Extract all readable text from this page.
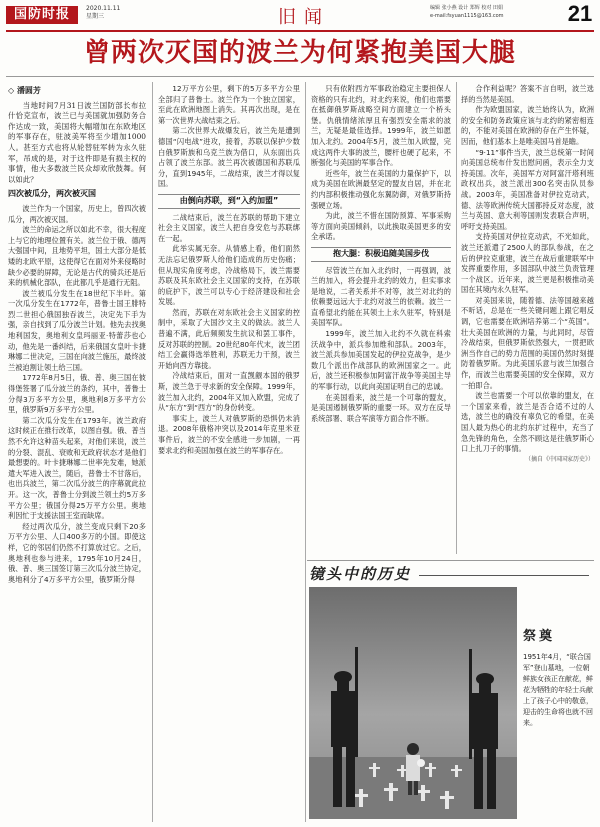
国防时报	2020.11.11
星期三	旧闻	编辑 张小燕 设计 郑辉 校对 田娟
e-mail:fsyuan1115@163.com	21
曾两次灭国的波兰为何紧抱美国大腿

◇ 潘圆芳

当地时间7月31日波兰国防部长布拉什恰克宣布，波兰已与美国就加强防务合作达成一致，美国将大幅增加在东欧地区的军事存在，驻波美军将至少增加1000人。甚至方式也将从轮替驻军转为永久驻军，吊成的是，对于这件即是有损主权的事情，他大多数波兰民众却欢欣鼓舞。何以如此？

四次被瓜分，两次被灭国

波兰作为一个国家，历史上，曾四次被瓜分，两次被灭国。

波兰的命运之所以如此不幸，很大程度上与它的地理位置有关。波兰位于俄、德两大强国中间，且地势平坦，国土大部分是低矮的北欧平原，这使得它在面对外来侵略时缺少必要的屏障，无论是古代的骑兵还是后来的机械化部队，在此都几乎是通行无阻。

波兰被瓜分发生在18世纪下半叶。第一次瓜分发生在1772年，普鲁士国王腓特烈二世担心俄国独吞波兰，决定先下手为强，亲自找到了瓜分波兰计划。他先去找奥地利国发，奥地利女皇玛丽亚·特蕾莎也心动，他先是一番纠结，后来俄国女皇叶卡捷琳娜二世决定，三国在向波兰施压，最终波兰被迫割让领土给三国。

1772年8月5日，俄、普、奥三国在彼得堡签署了瓜分波兰的条约，其中，普鲁士分得3万多平方公里，奥地利8万多平方公里，俄罗斯9万多平方公里。

第二次瓜分发生在1793年。波兰政府这时候正在推行改革，以图自强。俄、普当然不允许这种苗头起来，对他们来说，波兰的分裂、混乱、衰败和无政府状态才是他们最想要的。叶卡捷琳娜二世率先发难，她派遣大军进入波兰，随后，普鲁士不甘落后，也出兵波兰，第二次瓜分波兰的序幕就此拉开。这一次，普鲁士分到波兰领土约5万多平方公里；俄国分得25万平方公里。奥地利因忙于支援法国王室而缺席。

经过两次瓜分，波兰变成只剩下20多万平方公里、人口400多万的小国。即使这样，它的邻居们仍然不打算放过它。之后，奥地利也参与进来，1795年10月24日，俄、普、奥三国签订第三次瓜分波兰协定，奥地利分了4万多平方公里，俄罗斯分得

12万平方公里，剩下的5万多平方公里全部归了普鲁士。波兰作为一个独立国家，至此在欧洲地图上消失。其再次出现，是在第一次世界大战结束之后。

第二次世界大战爆发后，波兰先是遭到德国“闪电战”进攻，接着，苏联以保护少数白俄罗斯族和乌克兰族为借口，从东面出兵占领了波兰东部。波兰再次被德国和苏联瓜分，直到1945年，二战结束，波兰才得以复国。

由倒向苏联，到“入约加盟”

二战结束后，波兰在苏联的帮助下建立社会主义国家，波兰人把自身安危与苏联绑在一起。

此举实属无奈。从情感上看，他们面然无法忘记俄罗斯人给他们造成的历史伤痛；但从现实角度考虑，冷战格局下，波兰需要苏联及其东欧社会主义国家的支持，在苏联的庇护下，波兰可以专心于经济建设和社会发展。

然而，苏联在对东欧社会主义国家的控制中，采取了大国沙文主义的做法。波兰人普遍不满，此后频频发生抗议和罢工事件，反对苏联的控制。20世纪80年代末，波兰团结工会赢得选举胜利，苏联无力干预，波兰开始向西方靠拢。

冷战结束后，面对一直觊觎本国的俄罗斯，波兰急于寻求新的安全保障。1999年，波兰加入北约，2004年又加入欧盟，完成了从“东方”到“西方”的身份转变。

事实上，波兰人对俄罗斯的恐惧仍未消退。2008年俄格冲突以及2014年克里米亚事件后，波兰的不安全感进一步加剧，一再要求北约和美国加强在波兰的军事存在。

只有依附西方军事政治稳定主要担保人资格的只有北约，对北约来说，他们也需要在抵御俄罗斯战略空间方面建立一个桥头堡。仇俄情绪浓厚且有强烈安全需求的波兰，无疑是最佳选择。1999年，波兰如愿加入北约。2004年5月，波兰加入欧盟，完成这两件大事的波兰，腰杆也硬了起来，不断强化与美国的军事合作。

近些年，波兰在美国的力量保护下，以成为美国在欧洲最坚定的盟友自居，并在北约内部积极推动强化东翼防御，对俄罗斯持强硬立场。

为此，波兰不惜在国防预算、军事采购等方面向美国倾斜，以此换取美国更多的安全承诺。

抱大腿：积极追随美国步伐

尽管波兰在加入北约时，一再强调，波兰的加入，将会提升北约的效力，但实事求是地说，二者关系并不对等，波兰对北约的依赖要远远大于北约对波兰的依赖。波兰一直希望北约能在其领土上永久驻军，特别是美国军队。

1999年，波兰加入北约不久就在科索沃战争中，派兵参加维和部队。2003年，波兰派兵参加美国发起的伊拉克战争，是少数几个派出作战部队的欧洲国家之一。此后，波兰还积极参加阿富汗战争等美国主导的军事行动，以此向美国证明自己的忠诚。

在美国看来，波兰是一个可靠的盟友，是美国遏制俄罗斯的重要一环。双方在反导系统部署、联合军演等方面合作不断。

合作利益呢？答案不言自明，波兰选择的当然是美国。

作为欧盟国家，波兰始终认为，欧洲的安全和防务政策应该与北约的紧密相连的，不能对美国在欧洲的存在产生怀疑，因而，他们基本上是唯美国马首是瞻。

“9·11”事件当天，波兰总统第一时间向美国总统布什发出慰问函，表示全力支持美国。次年，美国军方对阿富汗塔利班政权出兵，波兰派出300名突击队员参战。2003年，美国准备对伊拉克动武，德、法等欧洲传统大国都持反对态度，波兰与英国、意大利等国则发表联合声明，呼吁支持美国。

支持美国对伊拉克动武，不光如此，波兰还派遣了2500人的部队参战，在之后的伊拉克重建，波兰在战后重建联军中发挥重要作用，多国部队中波兰负责管理一个战区。近年来，波兰更是积极推动美国在其境内永久驻军。

对美国来说，随着德、法等国越来越不听话，总是在一些关键问题上跟它唱反调，它也需要在欧洲培养第二个“英国”。壮大美国在欧洲的力量，与此同时，尽管冷战结束，但俄罗斯依然强大，一贯把欧洲当作自己的势力范围的美国仍然时刻提防着俄罗斯。为此美国乐意与波兰加强合作，而波兰也需要美国的安全保障，双方一拍即合。

波兰也需要一个可以依靠的盟友，在一个国家来看，波兰是否合适不过的人选，波兰也的确没有辜负它的希望，在美国人最为热心的北约东扩过程中，充当了急先锋的角色，全然不顾这是往俄罗斯心口上扎刀子的事情。

（摘自《中国国家历史》）

镜头中的历史
祭奠
1951年4月，“联合国军”登山墓地，一位朝鲜族女孩正在献花，鲜花为牺牲的年轻士兵献上了孩子心中的敬意，迎击的生命将也就不回来。
